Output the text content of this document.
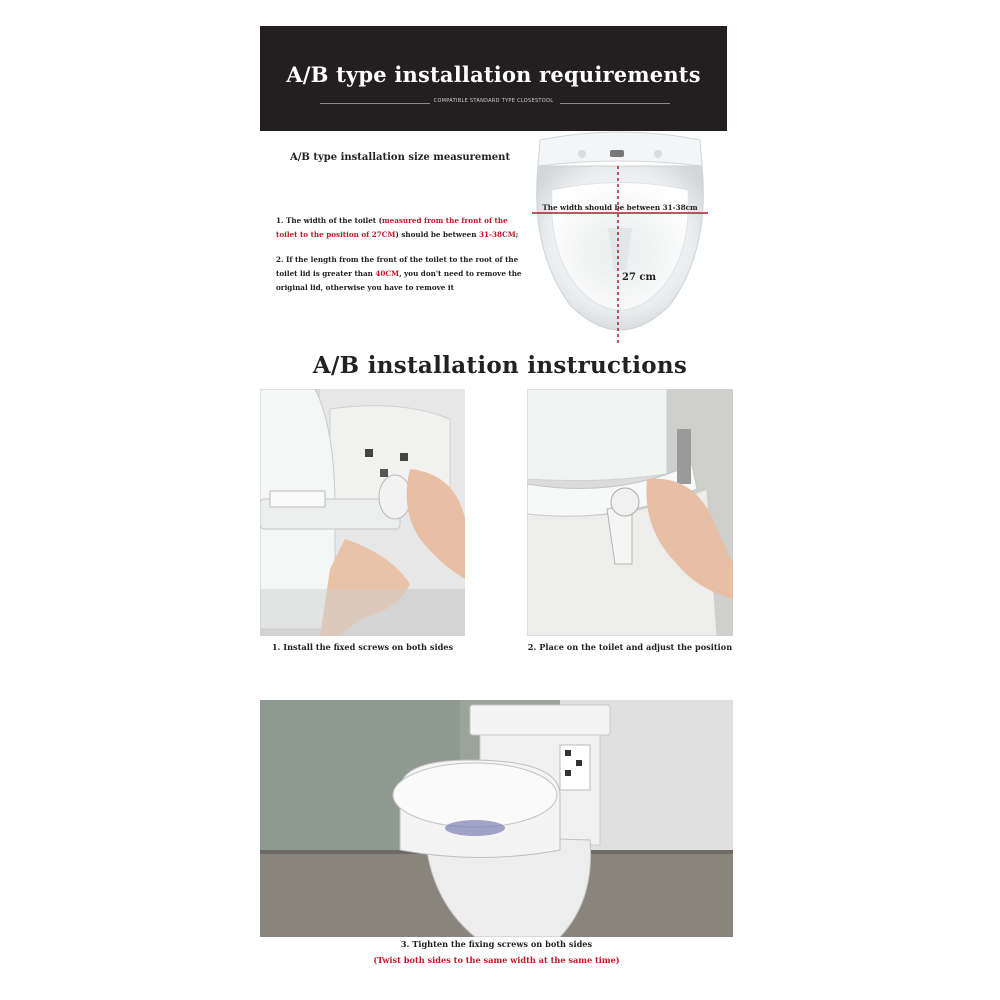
A/B type installation requirements
COMPATIBLE STANDARD TYPE CLOSESTOOL
A/B type installation size measurement
1. The width of the toilet (measured from the front of the toilet to the position of 27CM) should be between 31-38CM;
2. If the length from the front of the toilet to the root of the toilet lid is greater than 40CM, you don't need to remove the original lid, otherwise you have to remove it
The width should be between 31-38cm
27 cm
A/B installation instructions
1. Install the fixed screws on both sides	2. Place on the toilet and adjust the position
3. Tighten the fixing screws on both sides
(Twist both sides to the same width at the same time)
